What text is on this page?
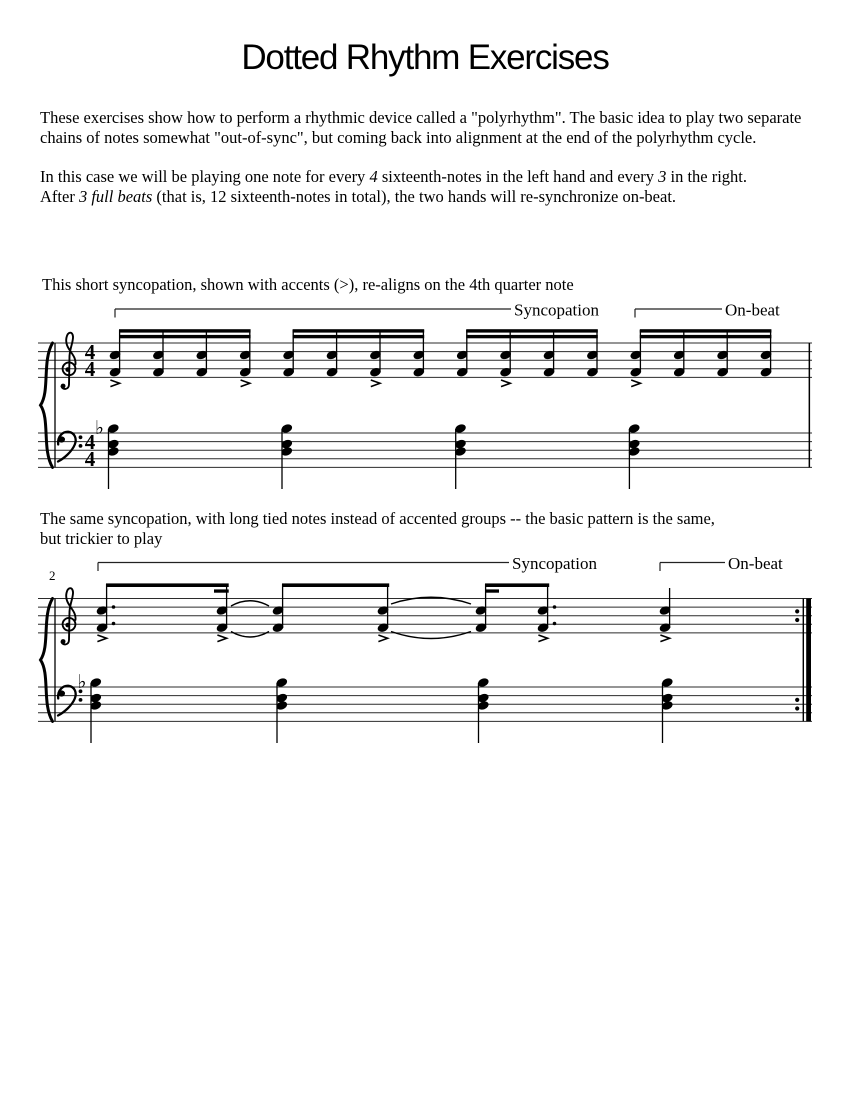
Dotted Rhythm Exercises
These exercises show how to perform a rhythmic device called a "polyrhythm". The basic idea to play two separate
chains of notes somewhat "out-of-sync", but coming back into alignment at the end of the polyrhythm cycle.
In this case we will be playing one note for every 4 sixteenth-notes in the left hand and every 3 in the right.
After 3 full beats (that is, 12 sixteenth-notes in total), the two hands will re-synchronize on-beat.
This short syncopation, shown with accents (>), re-aligns on the 4th quarter note
The same syncopation, with long tied notes instead of accented groups -- the basic pattern is the same,
but trickier to play
4
4
4
4
Syncopation	On-beat
♭
2
Syncopation	On-beat
♭
